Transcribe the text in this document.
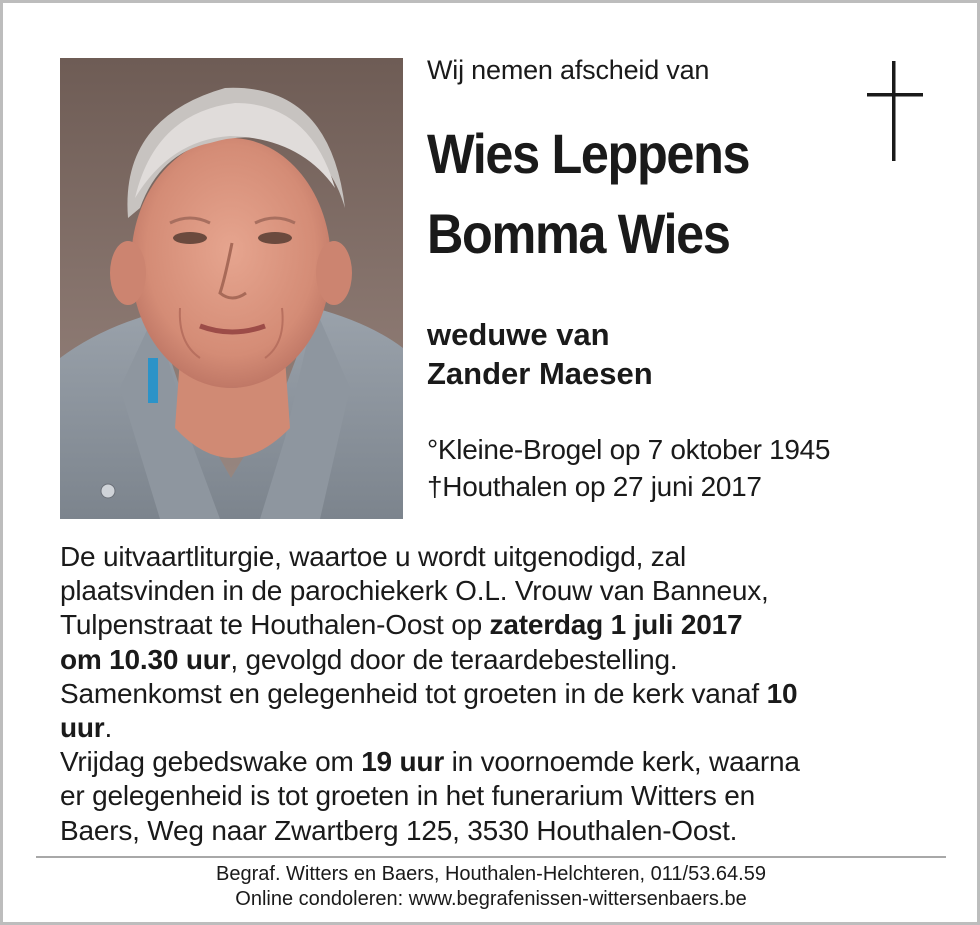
Wij nemen afscheid van
Wies Leppens
Bomma Wies
weduwe van
Zander Maesen
°Kleine-Brogel op 7 oktober 1945
†Houthalen op 27 juni 2017
De uitvaartliturgie, waartoe u wordt uitgenodigd, zal
plaatsvinden in de parochiekerk O.L. Vrouw van Banneux,
Tulpenstraat te Houthalen-Oost op zaterdag 1 juli 2017
om 10.30 uur, gevolgd door de teraardebestelling.
Samenkomst en gelegenheid tot groeten in de kerk vanaf 10
uur.
Vrijdag gebedswake om 19 uur in voornoemde kerk, waarna
er gelegenheid is tot groeten in het funerarium Witters en
Baers, Weg naar Zwartberg 125, 3530 Houthalen-Oost.
Begraf. Witters en Baers, Houthalen-Helchteren, 011/53.64.59
Online condoleren: www.begrafenissen-wittersenbaers.be
